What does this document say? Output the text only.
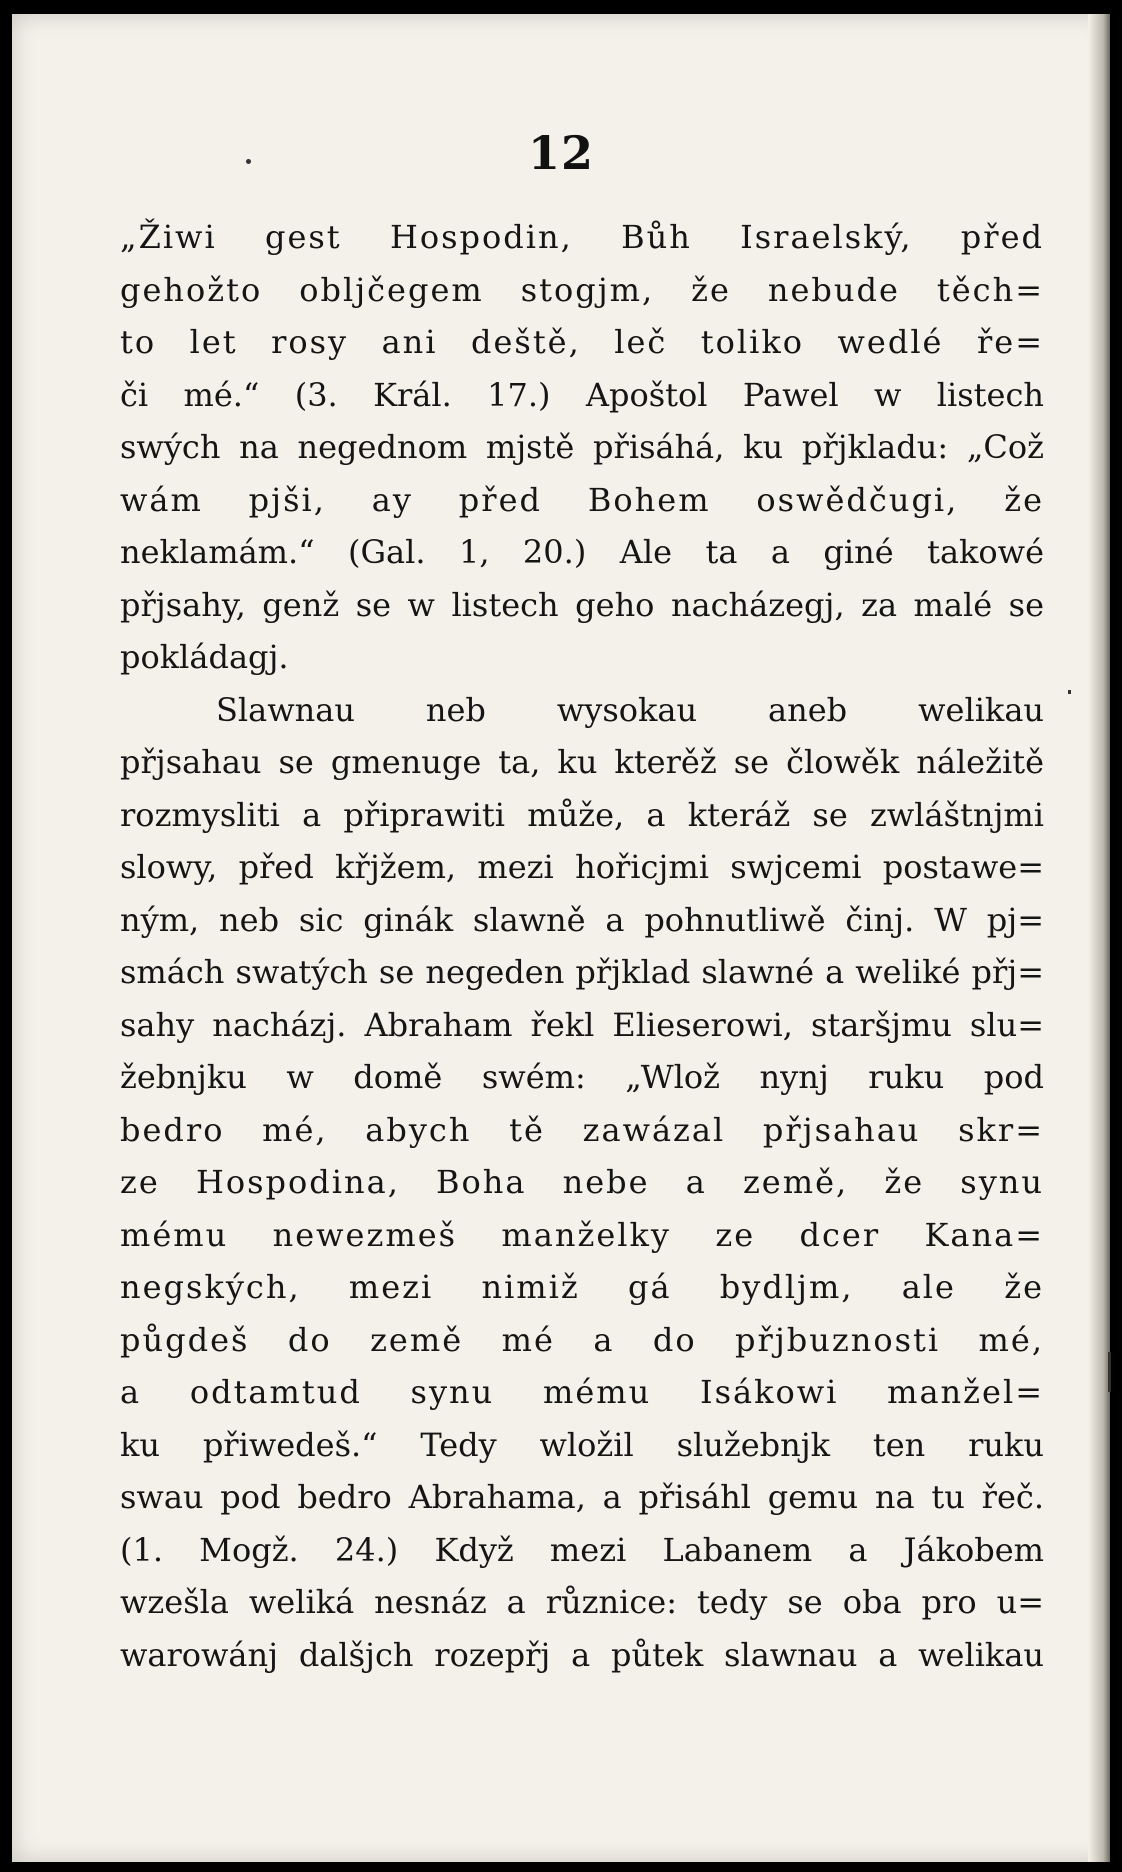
12
„Žiwi gest Hospodin, Bůh Israelský, před
gehožto obljčegem stogjm, že nebude těch=
to let rosy ani deště, leč toliko wedlé ře=
či mé.“ (3. Král. 17.) Apoštol Pawel w listech
swých na negednom mjstě přisáhá, ku přjkladu: „Což
wám pjši, ay před Bohem oswědčugi, že
neklamám.“ (Gal. 1, 20.) Ale ta a giné takowé
přjsahy, genž se w listech geho nacházegj, za malé se
pokládagj.
Slawnau neb wysokau aneb welikau
přjsahau se gmenuge ta, ku kterěž se člowěk náležitě
rozmysliti a připrawiti může, a kteráž se zwláštnjmi
slowy, před křjžem, mezi hořicjmi swjcemi postawe=
ným, neb sic ginák slawně a pohnutliwě činj. W pj=
smách swatých se negeden přjklad slawné a weliké přj=
sahy nacházj. Abraham řekl Elieserowi, staršjmu slu=
žebnjku w domě swém: „Wlož nynj ruku pod
bedro mé, abych tě zawázal přjsahau skr=
ze Hospodina, Boha nebe a země, že synu
mému newezmeš manželky ze dcer Kana=
negských, mezi nimiž gá bydljm, ale že
půgdeš do země mé a do přjbuznosti mé,
a odtamtud synu mému Isákowi manžel=
ku přiwedeš.“ Tedy wložil služebnjk ten ruku
swau pod bedro Abrahama, a přisáhl gemu na tu řeč.
(1. Mogž. 24.) Když mezi Labanem a Jákobem
wzešla weliká nesnáz a různice: tedy se oba pro u=
warowánj dalšjch rozepřj a půtek slawnau a welikau
